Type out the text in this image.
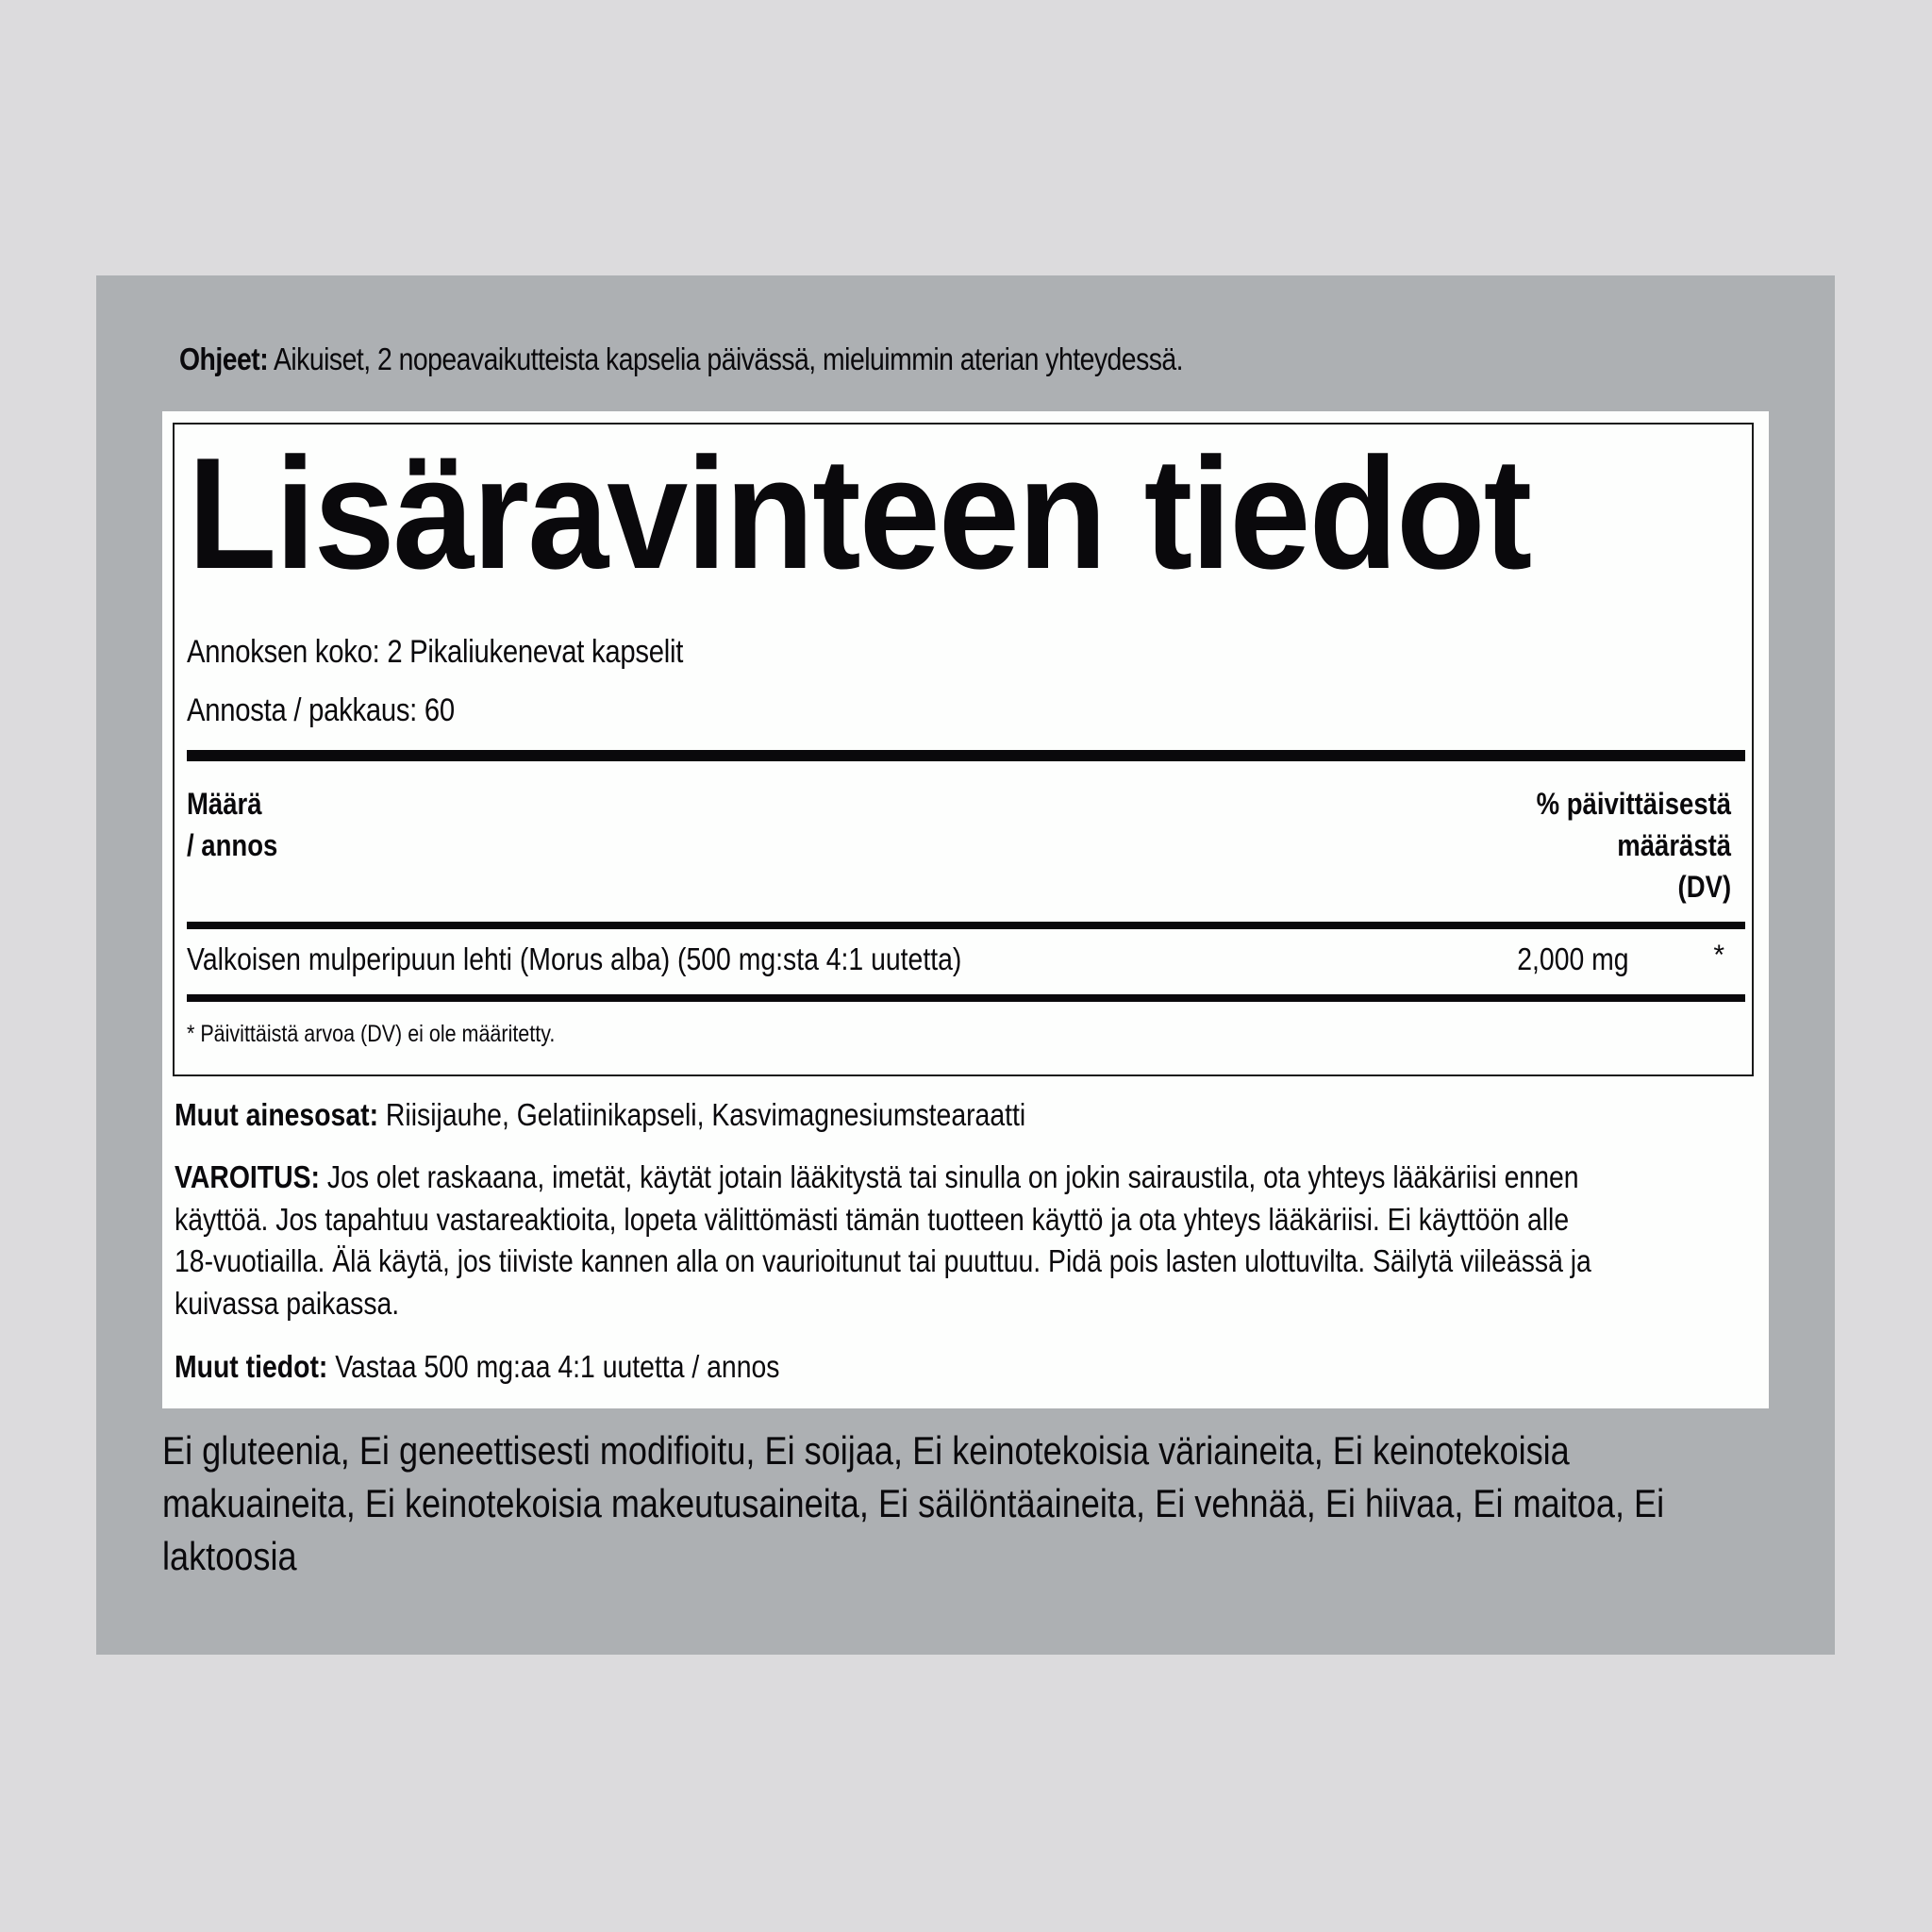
Ohjeet: Aikuiset, 2 nopeavaikutteista kapselia päivässä, mieluimmin aterian yhteydessä.
Lisäravinteen tiedot
Annoksen koko: 2 Pikaliukenevat kapselit
Annosta / pakkaus: 60
Määrä
/ annos
% päivittäisestä
määrästä
(DV)
Valkoisen mulperipuun lehti (Morus alba) (500 mg:sta 4:1 uutetta)	2,000 mg	*
* Päivittäistä arvoa (DV) ei ole määritetty.
Muut ainesosat: Riisijauhe, Gelatiinikapseli, Kasvimagnesiumstearaatti
VAROITUS: Jos olet raskaana, imetät, käytät jotain lääkitystä tai sinulla on jokin sairaustila, ota yhteys lääkäriisi ennen
käyttöä. Jos tapahtuu vastareaktioita, lopeta välittömästi tämän tuotteen käyttö ja ota yhteys lääkäriisi. Ei käyttöön alle
18-vuotiailla. Älä käytä, jos tiiviste kannen alla on vaurioitunut tai puuttuu. Pidä pois lasten ulottuvilta. Säilytä viileässä ja
kuivassa paikassa.
Muut tiedot: Vastaa 500 mg:aa 4:1 uutetta / annos
Ei gluteenia, Ei geneettisesti modifioitu, Ei soijaa, Ei keinotekoisia väriaineita, Ei keinotekoisia
makuaineita, Ei keinotekoisia makeutusaineita, Ei säilöntäaineita, Ei vehnää, Ei hiivaa, Ei maitoa, Ei
laktoosia
